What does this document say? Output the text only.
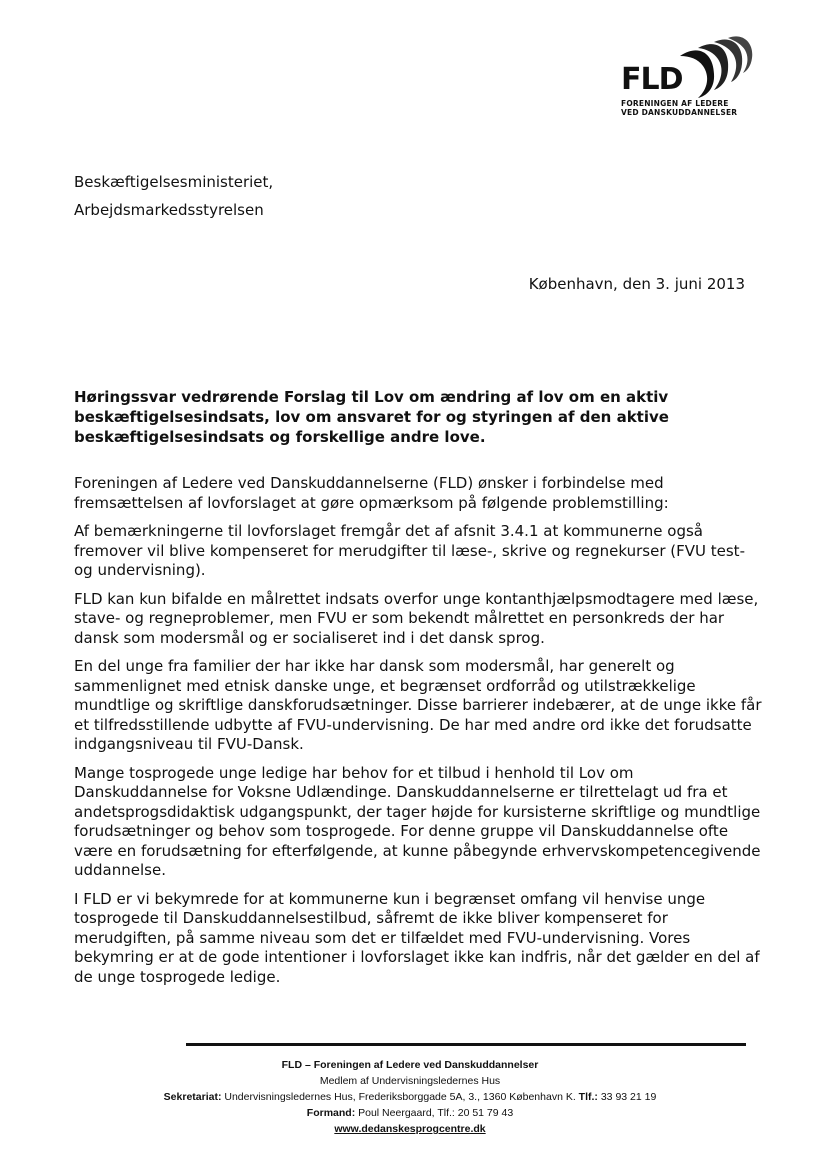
FLD
FORENINGEN AF LEDERE
VED DANSKUDDANNELSER
Beskæftigelsesministeriet,
Arbejdsmarkedsstyrelsen
København, den 3. juni 2013
Høringssvar vedrørende Forslag til Lov om ændring af lov om en aktiv beskæftigelsesindsats, lov om ansvaret for og styringen af den aktive beskæftigelsesindsats og forskellige andre love.

Foreningen af Ledere ved Danskuddannelserne (FLD) ønsker i forbindelse med fremsættelsen af lovforslaget at gøre opmærksom på følgende problemstilling:

Af bemærkningerne til lovforslaget fremgår det af afsnit 3.4.1 at kommunerne også fremover vil blive kompenseret for merudgifter til læse-, skrive og regnekurser (FVU test- og undervisning).

FLD kan kun bifalde en målrettet indsats overfor unge kontanthjælpsmodtagere med læse, stave- og regneproblemer, men FVU er som bekendt målrettet en personkreds der har dansk som modersmål og er socialiseret ind i det dansk sprog.

En del unge fra familier der har ikke har dansk som modersmål, har generelt og sammenlignet med etnisk danske unge, et begrænset ordforråd og utilstrækkelige mundtlige og skriftlige danskforudsætninger. Disse barrierer indebærer, at de unge ikke får et tilfredsstillende udbytte af FVU-undervisning. De har med andre ord ikke det forudsatte indgangsniveau til FVU-Dansk.

Mange tosprogede unge ledige har behov for et tilbud i henhold til Lov om Danskuddannelse for Voksne Udlændinge. Danskuddannelserne er tilrettelagt ud fra et andetsprogsdidaktisk udgangspunkt, der tager højde for kursisterne skriftlige og mundtlige forudsætninger og behov som tosprogede. For denne gruppe vil Danskuddannelse ofte være en forudsætning for efterfølgende, at kunne påbegynde erhvervskompetencegivende uddannelse.

I FLD er vi bekymrede for at kommunerne kun i begrænset omfang vil henvise unge tosprogede til Danskuddannelsestilbud, såfremt de ikke bliver kompenseret for merudgiften, på samme niveau som det er tilfældet med FVU-undervisning. Vores bekymring er at de gode intentioner i lovforslaget ikke kan indfris, når det gælder en del af de unge tosprogede ledige.

FLD – Foreningen af Ledere ved Danskuddannelser
Medlem af Undervisningsledernes Hus
Sekretariat: Undervisningsledernes Hus, Frederiksborggade 5A, 3., 1360 København K. Tlf.: 33 93 21 19
Formand: Poul Neergaard, Tlf.: 20 51 79 43
www.dedanskesprogcentre.dk
